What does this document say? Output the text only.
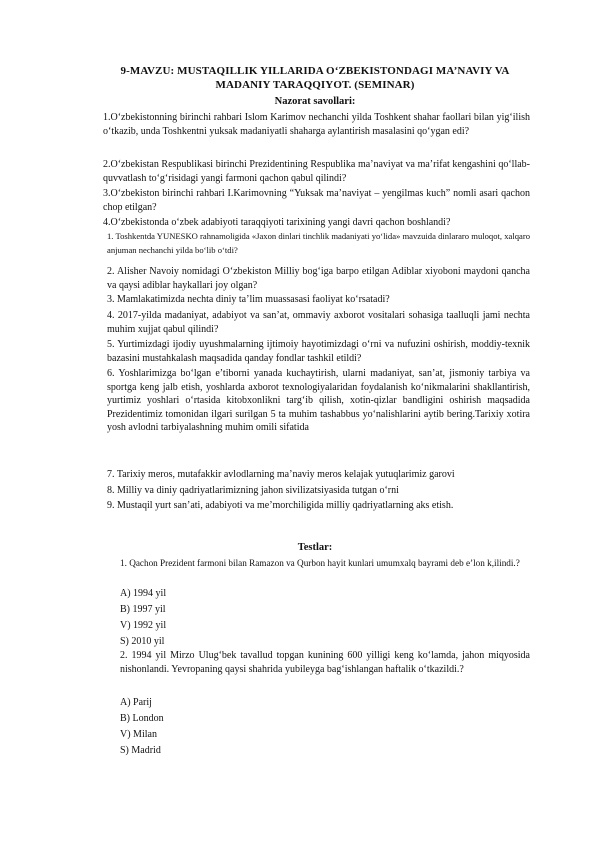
9-MAVZU: MUSTAQILLIK YILLARIDA O‘ZBEKISTONDAGI MA’NAVIY VA MADANIY TARAQQIYOT. (SEMINAR)
Nazorat savollari:
1.O‘zbekistonning birinchi rahbari Islom Karimov nechanchi yilda Toshkent shahar faollari bilan yig‘ilish o‘tkazib, unda Toshkentni yuksak madaniyatli shaharga aylantirish masalasini qo‘ygan edi?
2.O‘zbekistan Respublikasi birinchi Prezidentining Respublika ma’naviyat va ma’rifat kengashini qo‘llab-quvvatlash to‘g‘risidagi yangi farmoni qachon qabul qilindi?
3.O‘zbekiston birinchi rahbari I.Karimovning “Yuksak ma’naviyat – yengilmas kuch” nomli asari qachon chop etilgan?
4.O‘zbekistonda o‘zbek adabiyoti taraqqiyoti tarixining yangi davri qachon boshlandi?
1. Toshkentda YUNESKO rahnamoligida «Jaxon dinlari tinchlik madaniyati yo‘lida» mavzuida dinlararo muloqot, xalqaro anjuman nechanchi yilda bo‘lib o‘tdi?
2. Alisher Navoiy nomidagi O‘zbekiston Milliy bog‘iga barpo etilgan Adiblar xiyoboni maydoni qancha va qaysi adiblar haykallari joy olgan?
3. Mamlakatimizda nechta diniy ta’lim muassasasi faoliyat ko‘rsatadi?
4. 2017-yilda madaniyat, adabiyot va san’at, ommaviy axborot vositalari sohasiga taalluqli jami nechta muhim xujjat qabul qilindi?
5. Yurtimizdagi ijodiy uyushmalarning ijtimoiy hayotimizdagi o‘rni va nufuzini oshirish, moddiy-texnik bazasini mustahkalash maqsadida qanday fondlar tashkil etildi?
6. Yoshlarimizga bo‘lgan e’tiborni yanada kuchaytirish, ularni madaniyat, san’at, jismoniy tarbiya va sportga keng jalb etish, yoshlarda axborot texnologiyalaridan foydalanish ko‘nikmalarini shakllantirish, yurtimiz yoshlari o‘rtasida kitobxonlikni targ‘ib qilish, xotin-qizlar bandligini oshirish maqsadida Prezidentimiz tomonidan ilgari surilgan 5 ta muhim tashabbus yo‘nalishlarini aytib bering.Tarixiy xotira yosh avlodni tarbiyalashning muhim omili sifatida
7. Tarixiy meros, mutafakkir avlodlarning ma’naviy meros kelajak yutuqlarimiz garovi
8. Milliy va diniy qadriyatlarimizning jahon sivilizatsiyasida tutgan o‘rni
9. Mustaqil yurt san’ati, adabiyoti va me’morchiligida milliy qadriyatlarning aks etish.
Testlar:
1. Qachon Prezident farmoni bilan Ramazon va Qurbon hayit kunlari umumxalq bayrami deb e’lon k,ilindi.?
A) 1994 yil
B) 1997 yil
V) 1992 yil
S) 2010 yil
2. 1994 yil Mirzo Ulug‘bek tavallud topgan kunining 600 yilligi keng ko‘lamda, jahon miqyosida nishonlandi. Yevropaning qaysi shahrida yubileyga bag‘ishlangan haftalik o‘tkazildi.?
A) Parij
B) London
V) Milan
S) Madrid
